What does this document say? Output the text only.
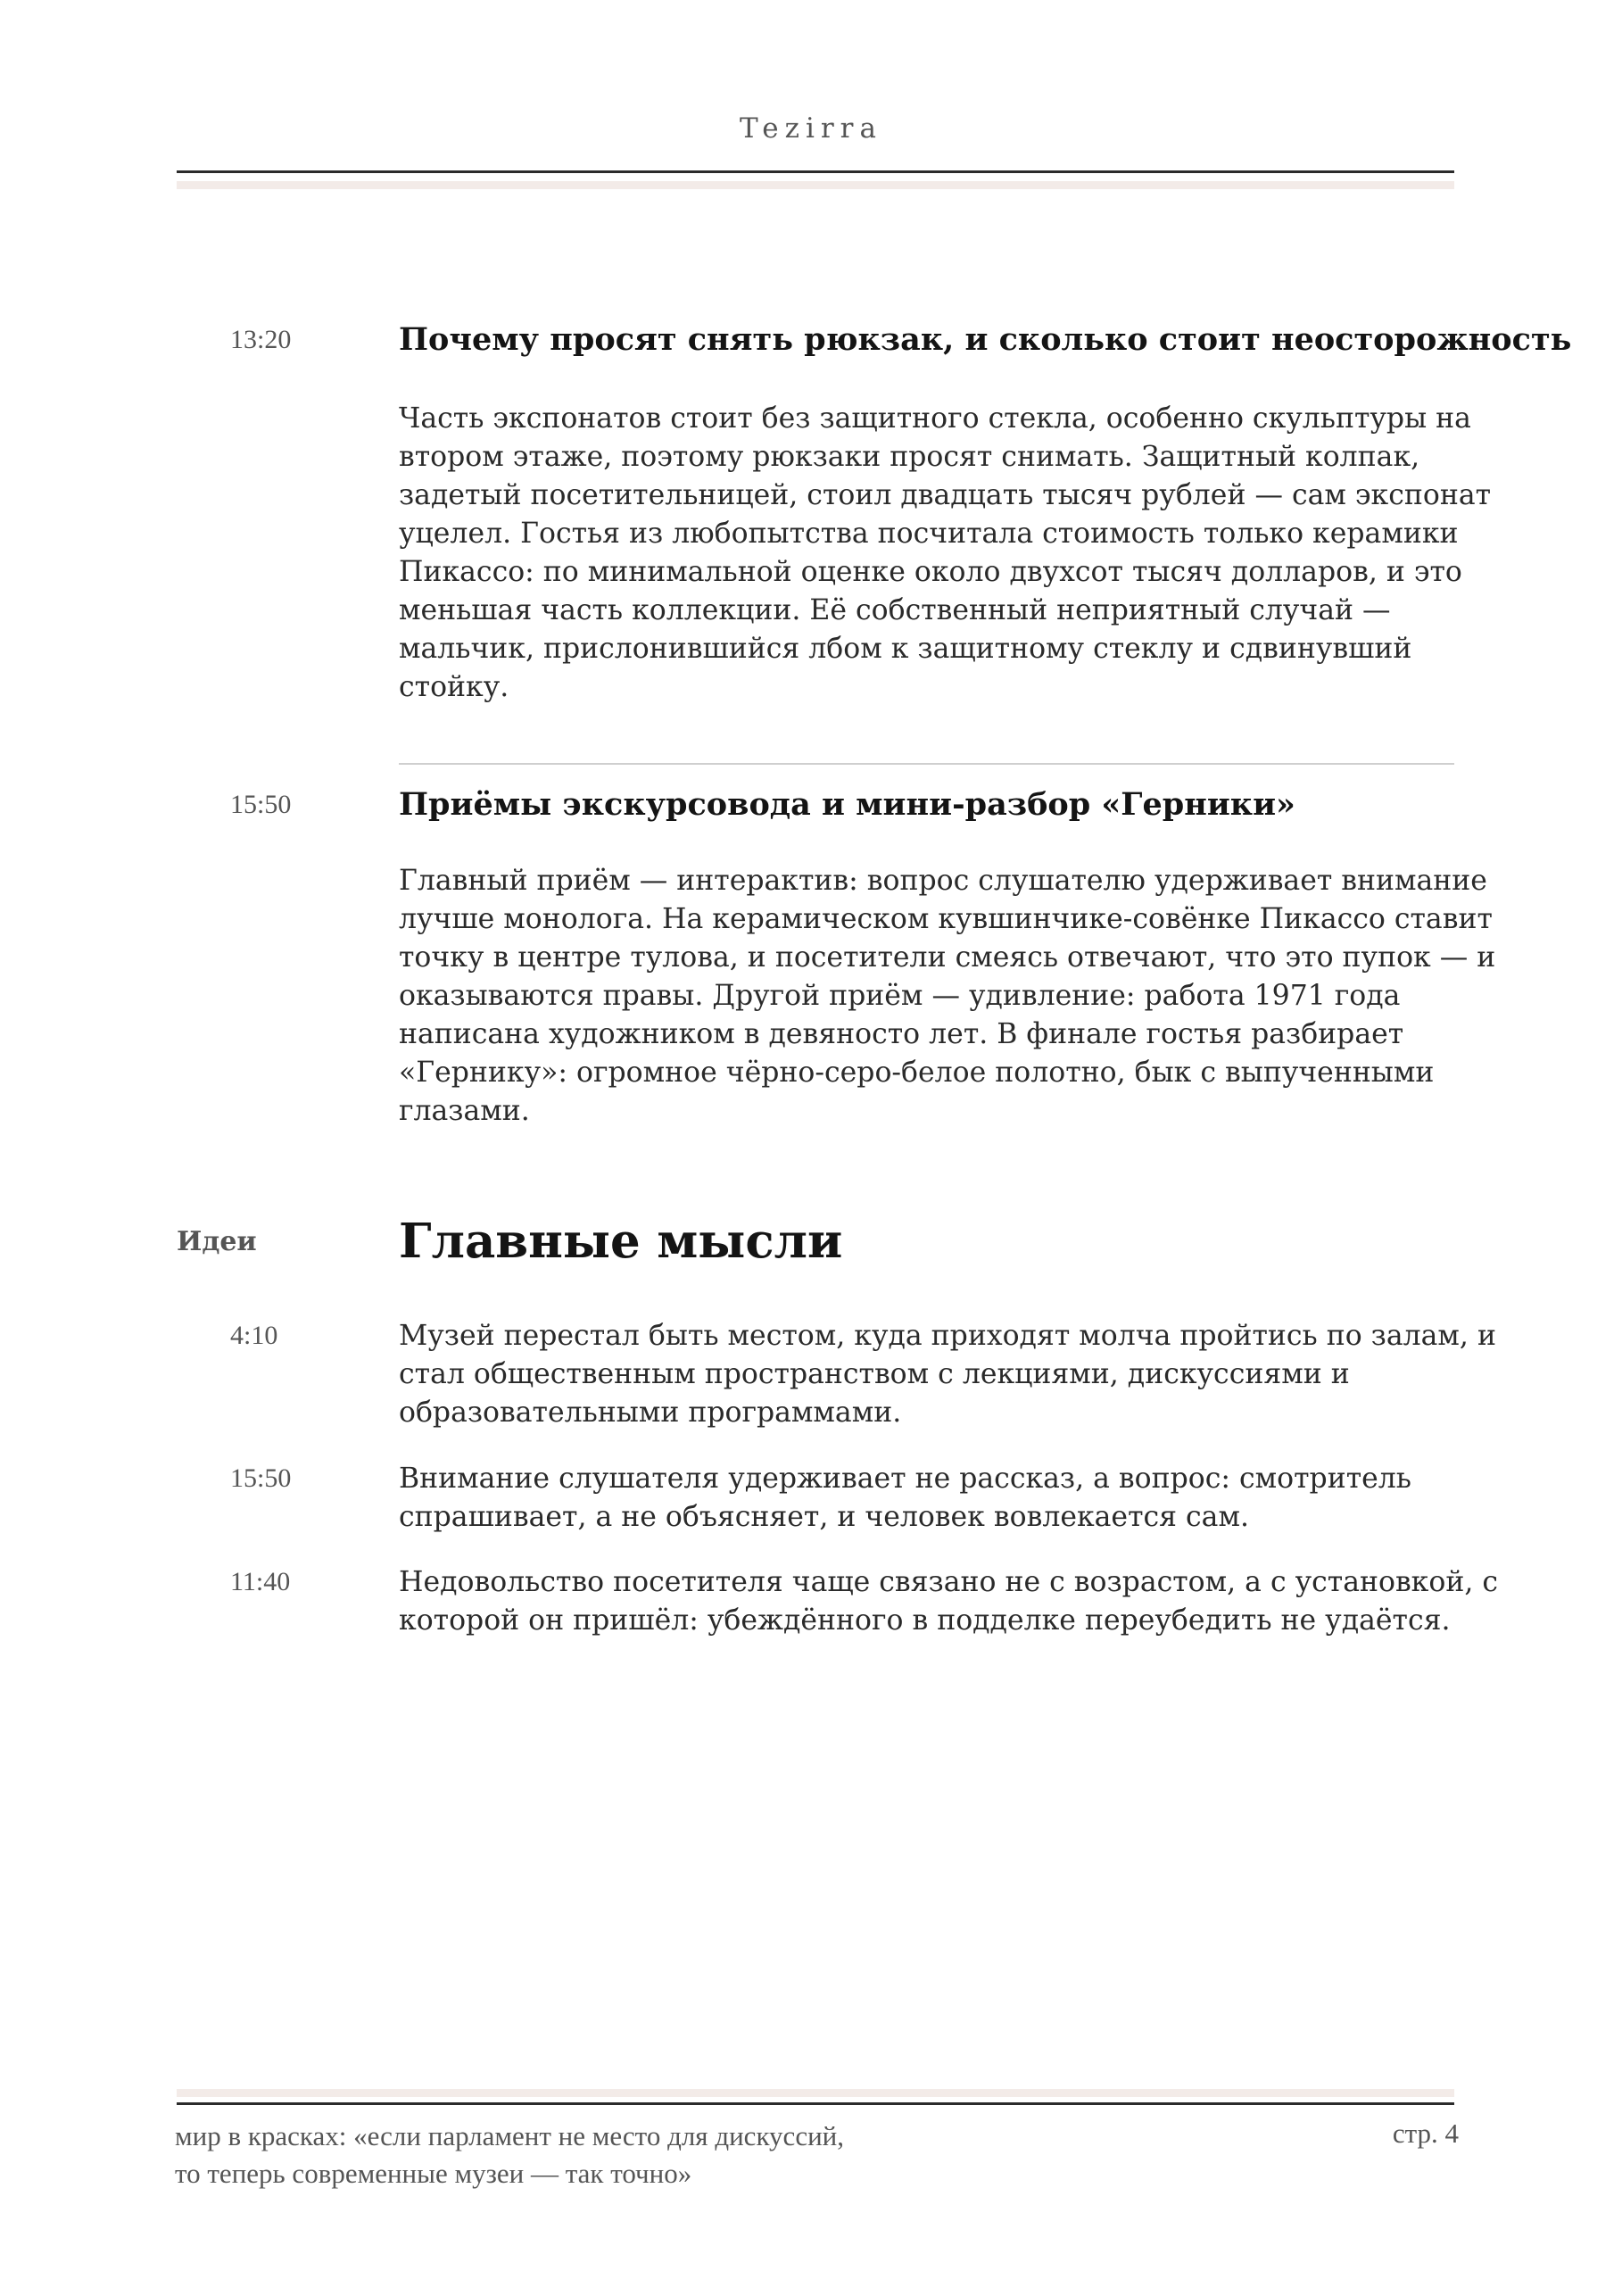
Tezirra
13:20	Почему просят снять рюкзак, и сколько стоит неосторожность
Часть экспонатов стоит без защитного стекла, особенно скульптуры на
втором этаже, поэтому рюкзаки просят снимать. Защитный колпак,
задетый посетительницей, стоил двадцать тысяч рублей — сам экспонат
уцелел. Гостья из любопытства посчитала стоимость только керамики
Пикассо: по минимальной оценке около двухсот тысяч долларов, и это
меньшая часть коллекции. Её собственный неприятный случай —
мальчик, прислонившийся лбом к защитному стеклу и сдвинувший
стойку.
15:50	Приёмы экскурсовода и мини-разбор «Герники»
Главный приём — интерактив: вопрос слушателю удерживает внимание
лучше монолога. На керамическом кувшинчике-совёнке Пикассо ставит
точку в центре тулова, и посетители смеясь отвечают, что это пупок — и
оказываются правы. Другой приём — удивление: работа 1971 года
написана художником в девяносто лет. В финале гостья разбирает
«Гернику»: огромное чёрно-серо-белое полотно, бык с выпученными
глазами.
Идеи	Главные мысли
4:10	Музей перестал быть местом, куда приходят молча пройтись по залам, и
стал общественным пространством с лекциями, дискуссиями и
образовательными программами.
15:50	Внимание слушателя удерживает не рассказ, а вопрос: смотритель
спрашивает, а не объясняет, и человек вовлекается сам.
11:40	Недовольство посетителя чаще связано не с возрастом, а с установкой, с
которой он пришёл: убеждённого в подделке переубедить не удаётся.
мир в красках: «если парламент не место для дискуссий,
то теперь современные музеи — так точно»
стр. 4
